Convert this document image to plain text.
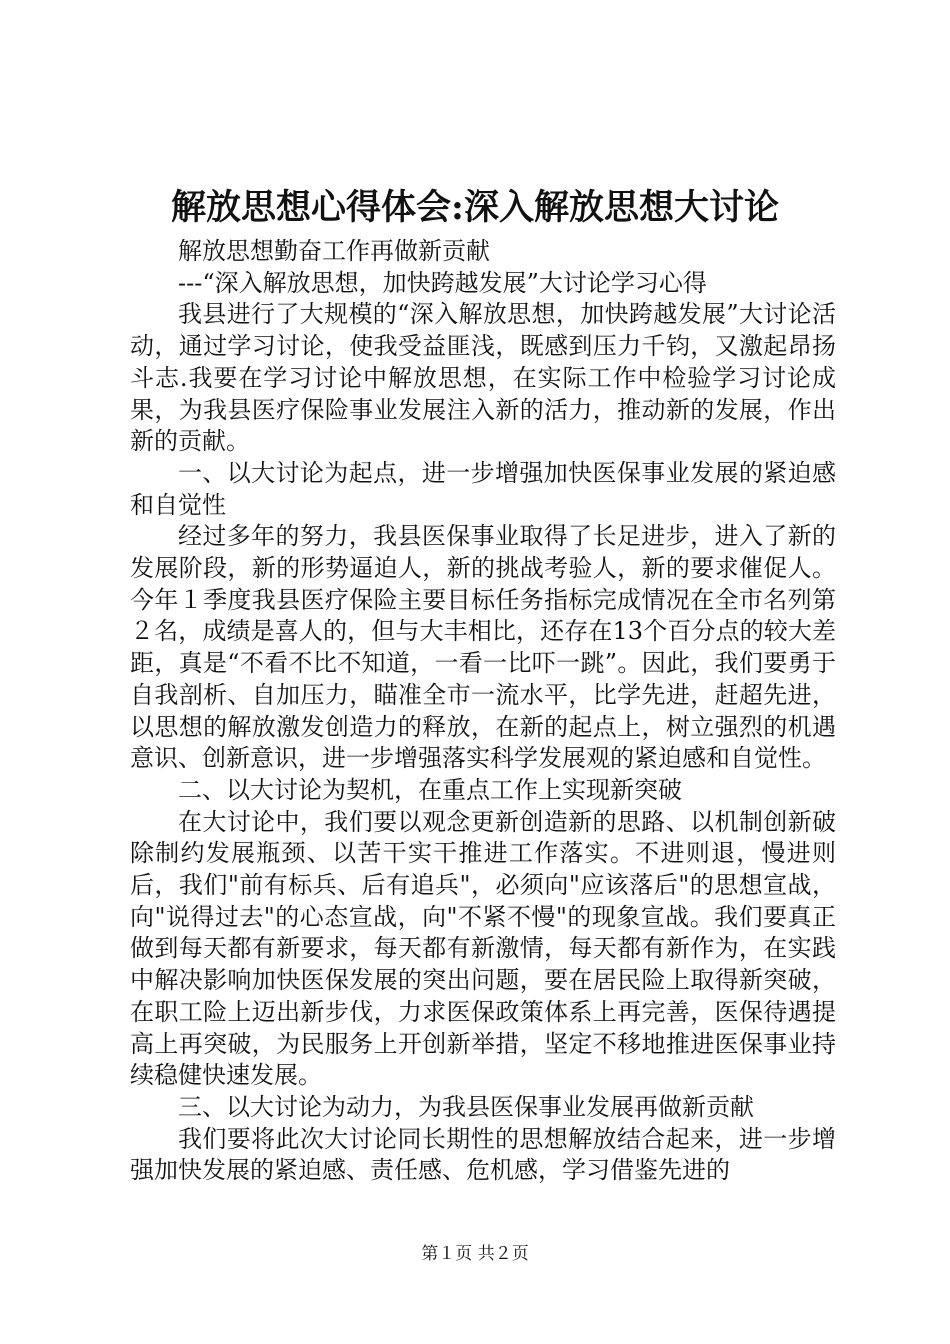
解放思想心得体会:深入解放思想大讨论

解放思想勤奋工作再做新贡献

---“深入解放思想，加快跨越发展”大讨论学习心得

我县进行了大规模的“深入解放思想，加快跨越发展”大讨论活动，通过学习讨论，使我受益匪浅，既感到压力千钧，又激起昂扬斗志.我要在学习讨论中解放思想，在实际工作中检验学习讨论成果，为我县医疗保险事业发展注入新的活力，推动新的发展，作出新的贡献。

一、以大讨论为起点，进一步增强加快医保事业发展的紧迫感和自觉性

经过多年的努力，我县医保事业取得了长足进步，进入了新的发展阶段，新的形势逼迫人，新的挑战考验人，新的要求催促人。今年１季度我县医疗保险主要目标任务指标完成情况在全市名列第２名，成绩是喜人的，但与大丰相比，还存在13个百分点的较大差距，真是“不看不比不知道，一看一比吓一跳”。因此，我们要勇于自我剖析、自加压力，瞄准全市一流水平，比学先进，赶超先进，以思想的解放激发创造力的释放，在新的起点上，树立强烈的机遇意识、创新意识，进一步增强落实科学发展观的紧迫感和自觉性。

二、以大讨论为契机，在重点工作上实现新突破

在大讨论中，我们要以观念更新创造新的思路、以机制创新破除制约发展瓶颈、以苦干实干推进工作落实。不进则退，慢进则后，我们"前有标兵、后有追兵"，必须向"应该落后"的思想宣战，向"说得过去"的心态宣战，向"不紧不慢"的现象宣战。我们要真正做到每天都有新要求，每天都有新激情，每天都有新作为，在实践中解决影响加快医保发展的突出问题，要在居民险上取得新突破，在职工险上迈出新步伐，力求医保政策体系上再完善，医保待遇提高上再突破，为民服务上开创新举措，坚定不移地推进医保事业持续稳健快速发展。

三、以大讨论为动力，为我县医保事业发展再做新贡献

我们要将此次大讨论同长期性的思想解放结合起来，进一步增强加快发展的紧迫感、责任感、危机感，学习借鉴先进的

第１页 共２页
